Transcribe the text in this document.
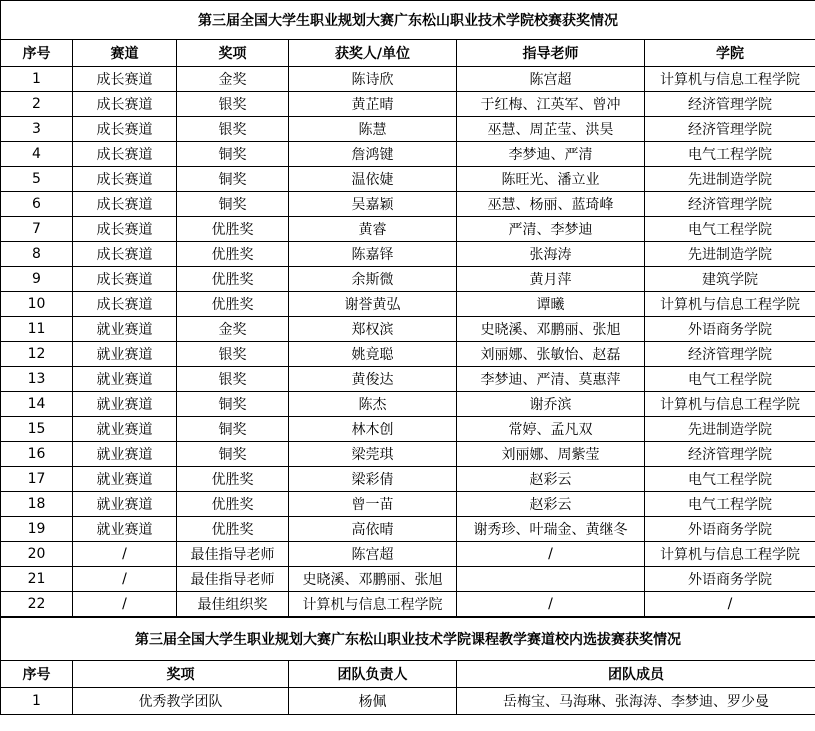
第三届全国大学生职业规划大赛广东松山职业技术学院校赛获奖情况					
序号	赛道	奖项	获奖人/单位	指导老师	学院
1	成长赛道	金奖	陈诗欣	陈宫超	计算机与信息工程学院
2	成长赛道	银奖	黄芷晴	于红梅、江英军、曾冲	经济管理学院
3	成长赛道	银奖	陈慧	巫慧、周芷莹、洪昊	经济管理学院
4	成长赛道	铜奖	詹鸿键	李梦迪、严清	电气工程学院
5	成长赛道	铜奖	温依婕	陈旺光、潘立业	先进制造学院
6	成长赛道	铜奖	吴嘉颖	巫慧、杨丽、蓝琦峰	经济管理学院
7	成长赛道	优胜奖	黄睿	严清、李梦迪	电气工程学院
8	成长赛道	优胜奖	陈嘉铎	张海涛	先进制造学院
9	成长赛道	优胜奖	余斯微	黄月萍	建筑学院
10	成长赛道	优胜奖	谢誉黄弘	谭曦	计算机与信息工程学院
11	就业赛道	金奖	郑权滨	史晓溪、邓鹏丽、张旭	外语商务学院
12	就业赛道	银奖	姚竟聪	刘丽娜、张敏怡、赵磊	经济管理学院
13	就业赛道	银奖	黄俊达	李梦迪、严清、莫惠萍	电气工程学院
14	就业赛道	铜奖	陈杰	谢乔滨	计算机与信息工程学院
15	就业赛道	铜奖	林木创	常婷、孟凡双	先进制造学院
16	就业赛道	铜奖	梁莞琪	刘丽娜、周紫莹	经济管理学院
17	就业赛道	优胜奖	梁彩倩	赵彩云	电气工程学院
18	就业赛道	优胜奖	曾一苗	赵彩云	电气工程学院
19	就业赛道	优胜奖	高依晴	谢秀珍、叶瑞金、黄继冬	外语商务学院
20	/	最佳指导老师	陈宫超	/	计算机与信息工程学院
21	/	最佳指导老师	史晓溪、邓鹏丽、张旭		外语商务学院
22	/	最佳组织奖	计算机与信息工程学院	/	/
第三届全国大学生职业规划大赛广东松山职业技术学院课程教学赛道校内选拔赛获奖情况			
序号	奖项	团队负责人	团队成员
1	优秀教学团队	杨佩	岳梅宝、马海琳、张海涛、李梦迪、罗少曼
